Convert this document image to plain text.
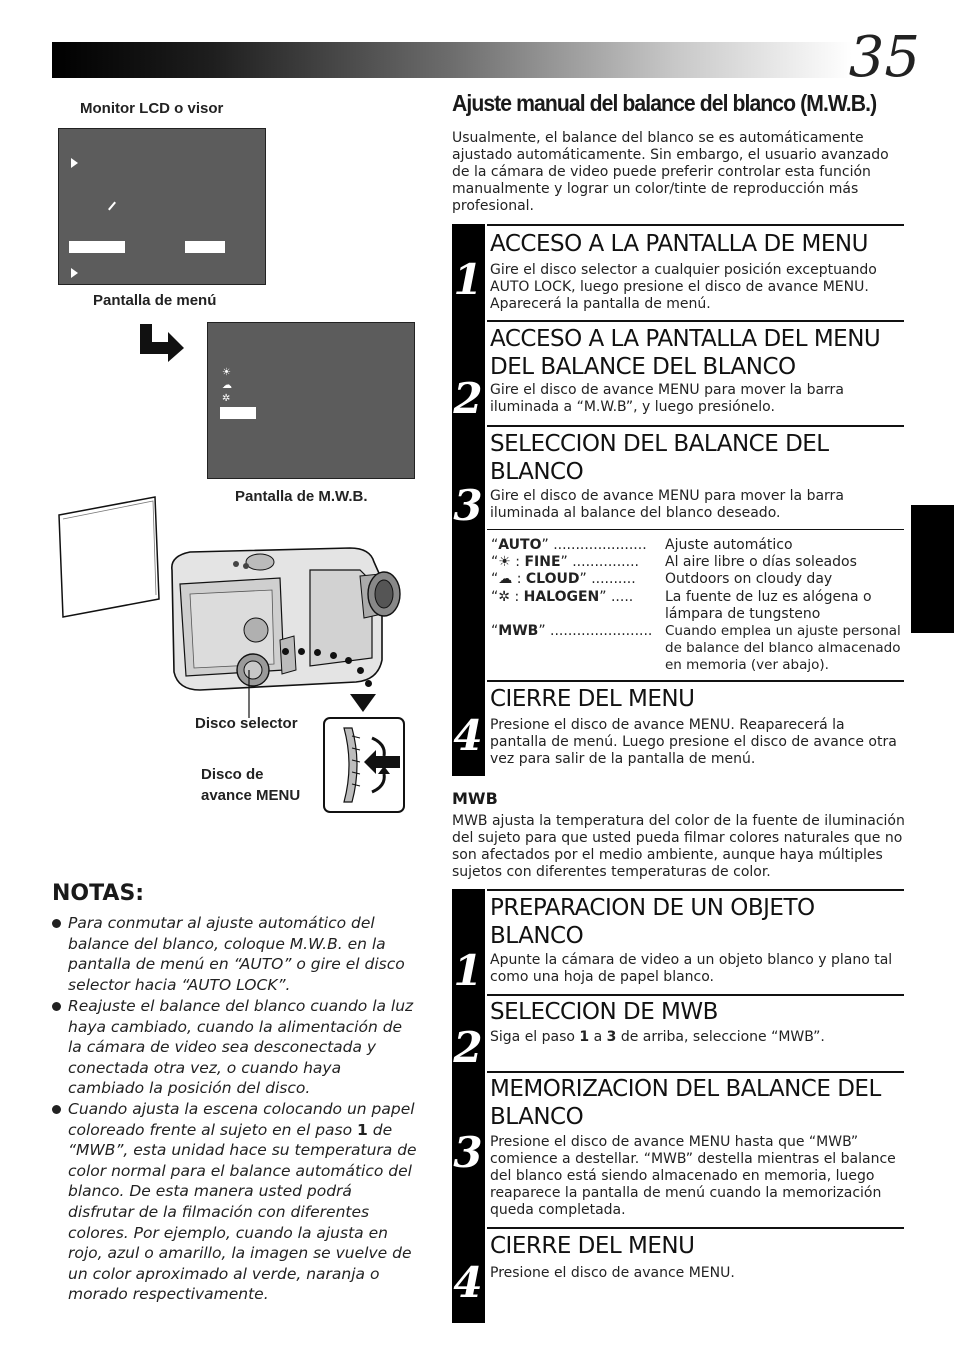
35
Monitor LCD o visor
Pantalla de menú
☀
☁
✲
Pantalla de M.W.B.
Disco selector
Disco de
avance MENU
NOTAS:
Para conmutar al ajuste automático del balance del blanco, coloque M.W.B. en la pantalla de menú en “AUTO” o gire el disco selector hacia “AUTO LOCK”.
Reajuste el balance del blanco cuando la luz haya cambiado, cuando la alimentación de la cámara de video sea desconectada y conectada otra vez, o cuando haya cambiado la posición del disco.
Cuando ajusta la escena colocando un papel coloreado frente al sujeto en el paso 1 de “MWB”, esta unidad hace su temperatura de color normal para el balance automático del blanco. De esta manera usted podrá disfrutar de la filmación con diferentes colores. Por ejemplo, cuando la ajusta en rojo, azul o amarillo, la imagen se vuelve de un color aproximado al verde, naranja o morado respectivamente.
Ajuste manual del balance del blanco (M.W.B.)
Usualmente, el balance del blanco se es automáticamente ajustado automáticamente. Sin embargo, el usuario avanzado de la cámara de video puede preferir controlar esta función manualmente y lograr un color/tinte de reproducción más profesional.
1
2
3
4
ACCESO A LA PANTALLA DE MENU
Gire el disco selector a cualquier posición exceptuando AUTO LOCK, luego presione el disco de avance MENU. Aparecerá la pantalla de menú.
ACCESO A LA PANTALLA DEL MENU DEL BALANCE DEL BLANCO
Gire el disco de avance MENU para mover la barra iluminada a “M.W.B”, y luego presiónelo.
SELECCION DEL BALANCE DEL BLANCO
Gire el disco de avance MENU para mover la barra iluminada al balance del blanco deseado.
“AUTO” ..................... Ajuste automático
“☀ : FINE” ............... Al aire libre o días soleados
“☁ : CLOUD” .......... Outdoors on cloudy day
“✲ : HALOGEN” ..... La fuente de luz es alógena o
lámpara de tungsteno
“MWB” ....................... Cuando emplea un ajuste personal
de balance del blanco almacenado
en memoria (ver abajo).
CIERRE DEL MENU
Presione el disco de avance MENU. Reaparecerá la pantalla de menú. Luego presione el disco de avance otra vez para salir de la pantalla de menú.
MWB
MWB ajusta la temperatura del color de la fuente de iluminación del sujeto para que usted pueda filmar colores naturales que no son afectados por el medio ambiente, aunque haya múltiples sujetos con diferentes temperaturas de color.
1
2
3
4
PREPARACION DE UN OBJETO BLANCO
Apunte la cámara de video a un objeto blanco y plano tal como una hoja de papel blanco.
SELECCION DE MWB
Siga el paso 1 a 3 de arriba, seleccione “MWB”.
MEMORIZACION DEL BALANCE DEL BLANCO
Presione el disco de avance MENU hasta que “MWB” comience a destellar. “MWB” destella mientras el balance del blanco está siendo almacenado en memoria, luego reaparece la pantalla de menú cuando la memorización queda completada.
CIERRE DEL MENU
Presione el disco de avance MENU.
